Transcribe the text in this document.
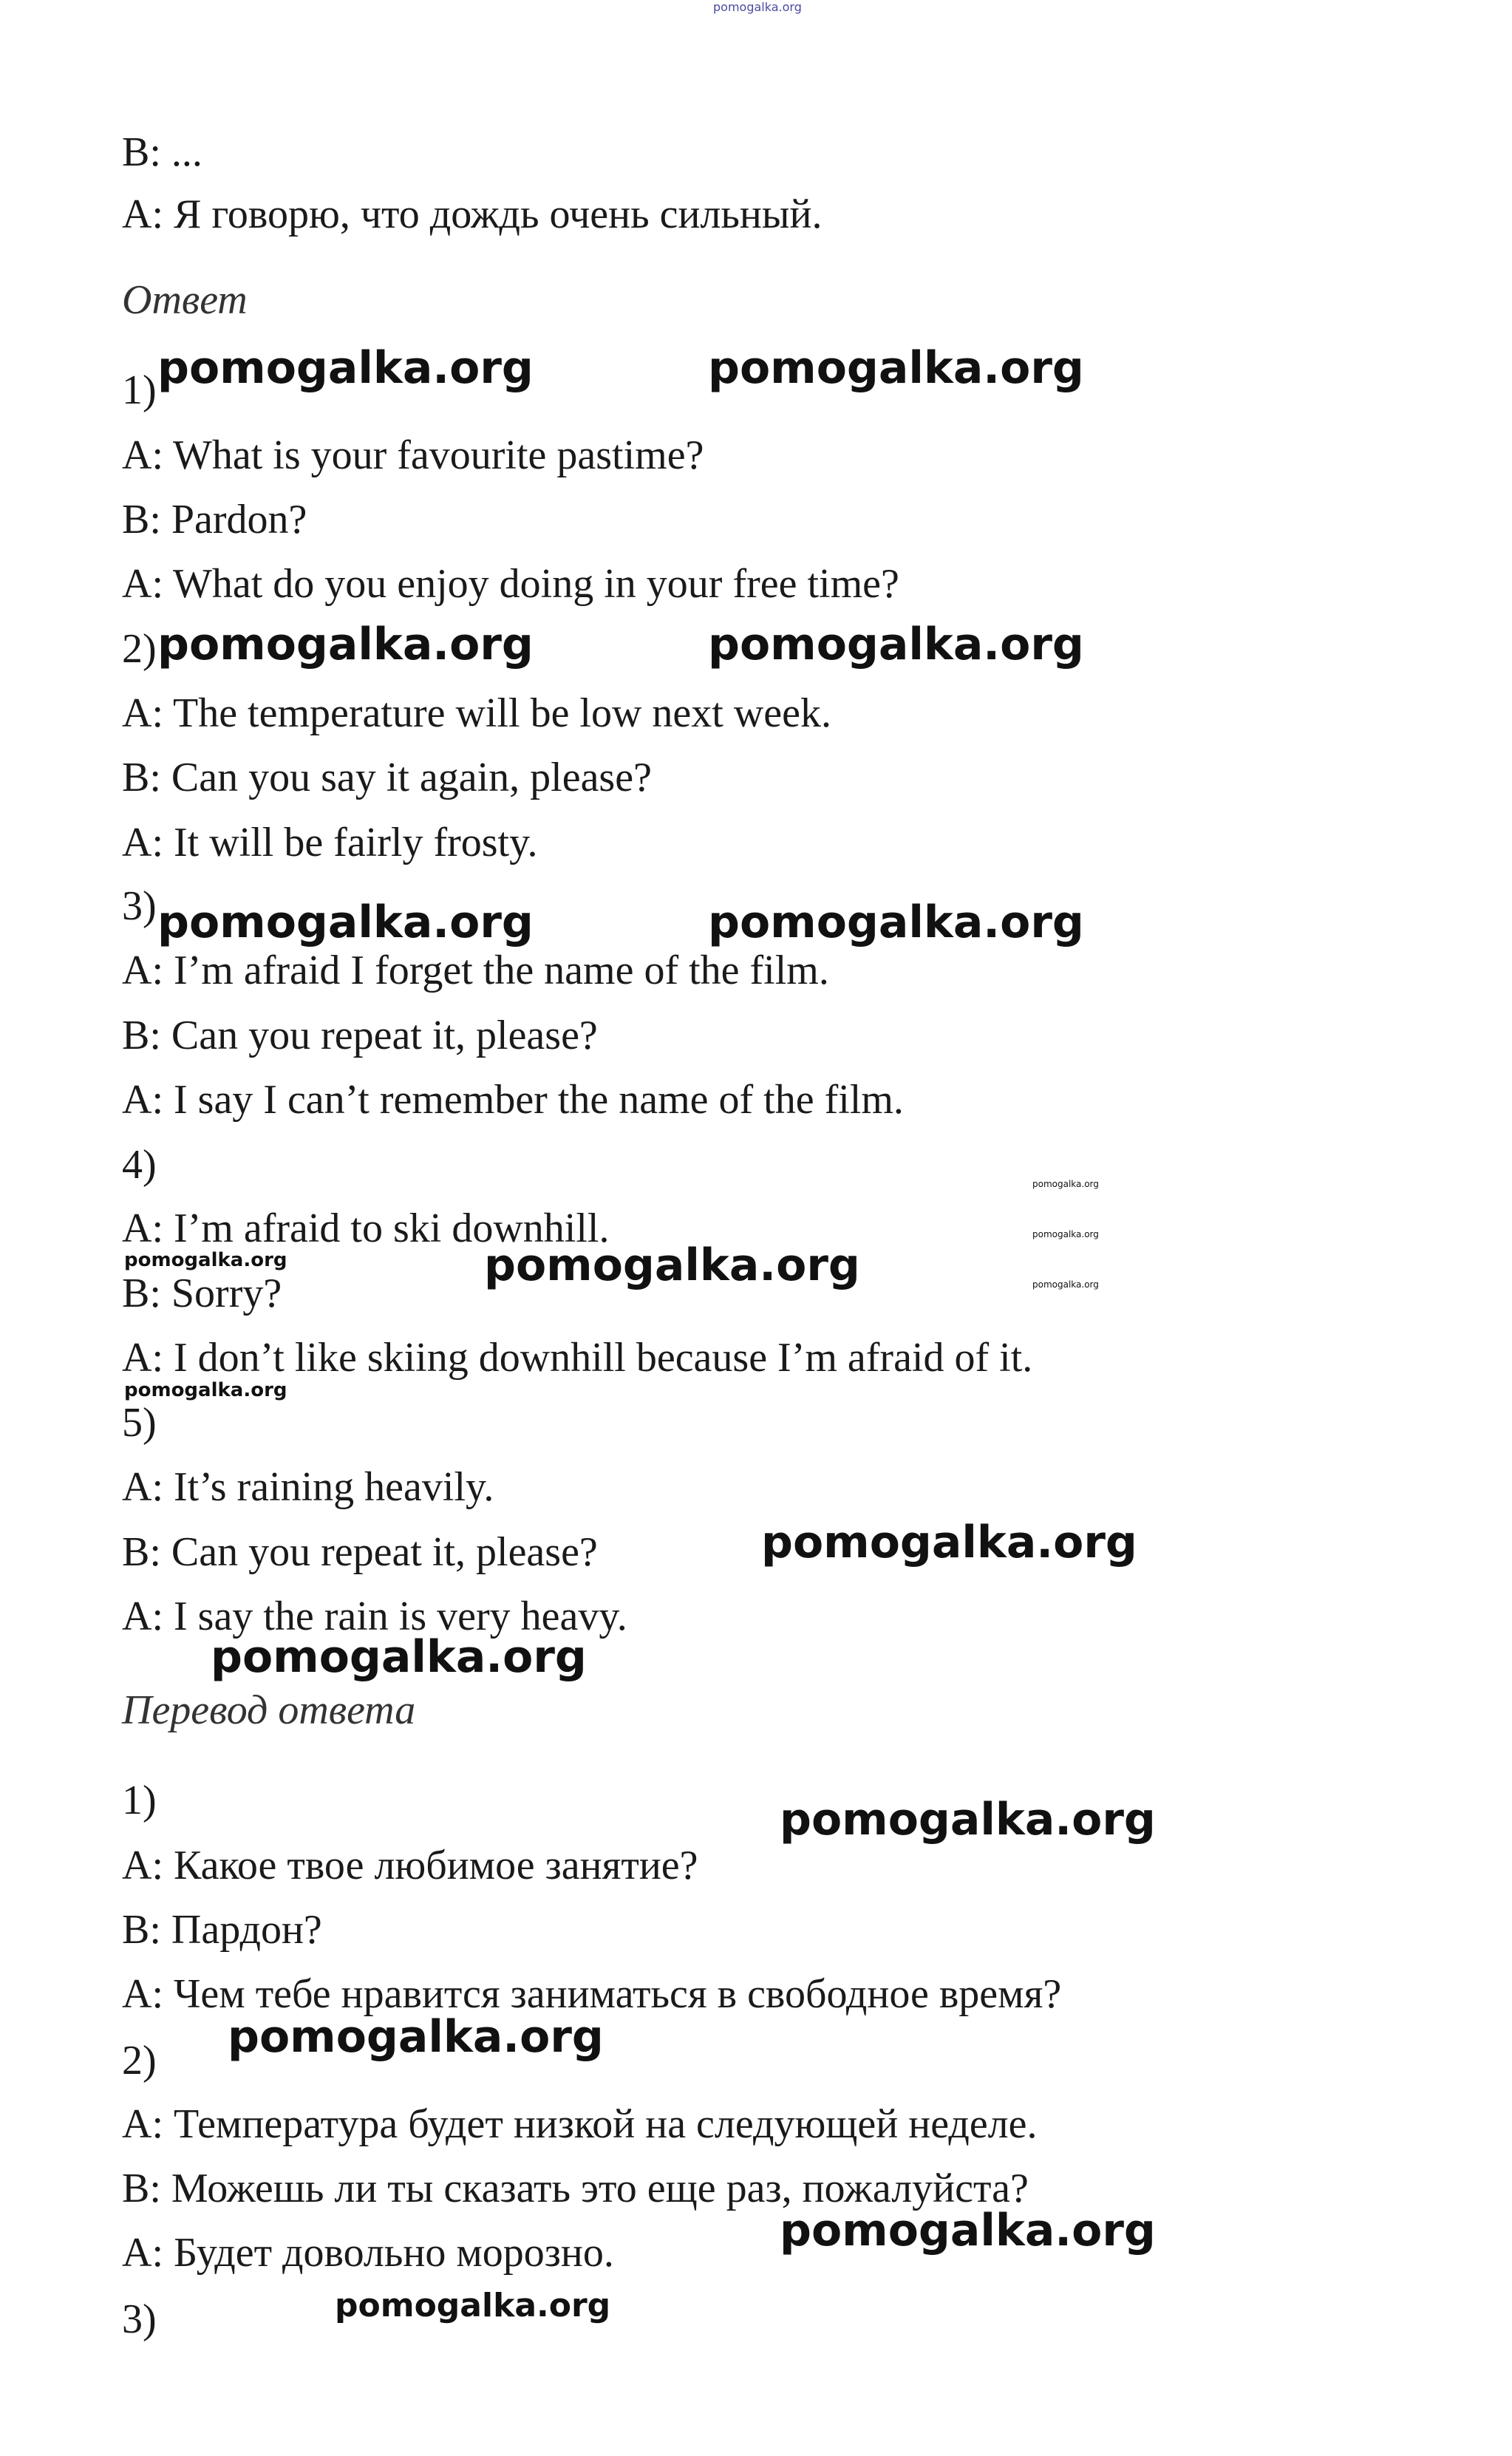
pomogalka.org

B: ...

A: Я говорю, что дождь очень сильный.

Ответ

1) pomogalka.org	pomogalka.org

A: What is your favourite pastime?

B: Pardon?

A: What do you enjoy doing in your free time?

2) pomogalka.org	pomogalka.org

A: The temperature will be low next week.

B: Can you say it again, please?

A: It will be fairly frosty.

3) pomogalka.org	pomogalka.org

A: I’m afraid I forget the name of the film.

B: Can you repeat it, please?

A: I say I can’t remember the name of the film.

4)	pomogalka.org

pomogalka.org

pomogalka.org

A: I’m afraid to ski downhill.

pomogalka.org	pomogalka.org

B: Sorry?

A: I don’t like skiing downhill because I’m afraid of it.

pomogalka.org

5)

A: It’s raining heavily.

B: Can you repeat it, please?	pomogalka.org

A: I say the rain is very heavy.

pomogalka.org

Перевод ответа

1)	pomogalka.org

A: Какое твое любимое занятие?

B: Пардон?

A: Чем тебе нравится заниматься в свободное время?

pomogalka.org

2)

A: Температура будет низкой на следующей неделе.

B: Можешь ли ты сказать это еще раз, пожалуйста?

pomogalka.org

A: Будет довольно морозно.

pomogalka.org

3)
